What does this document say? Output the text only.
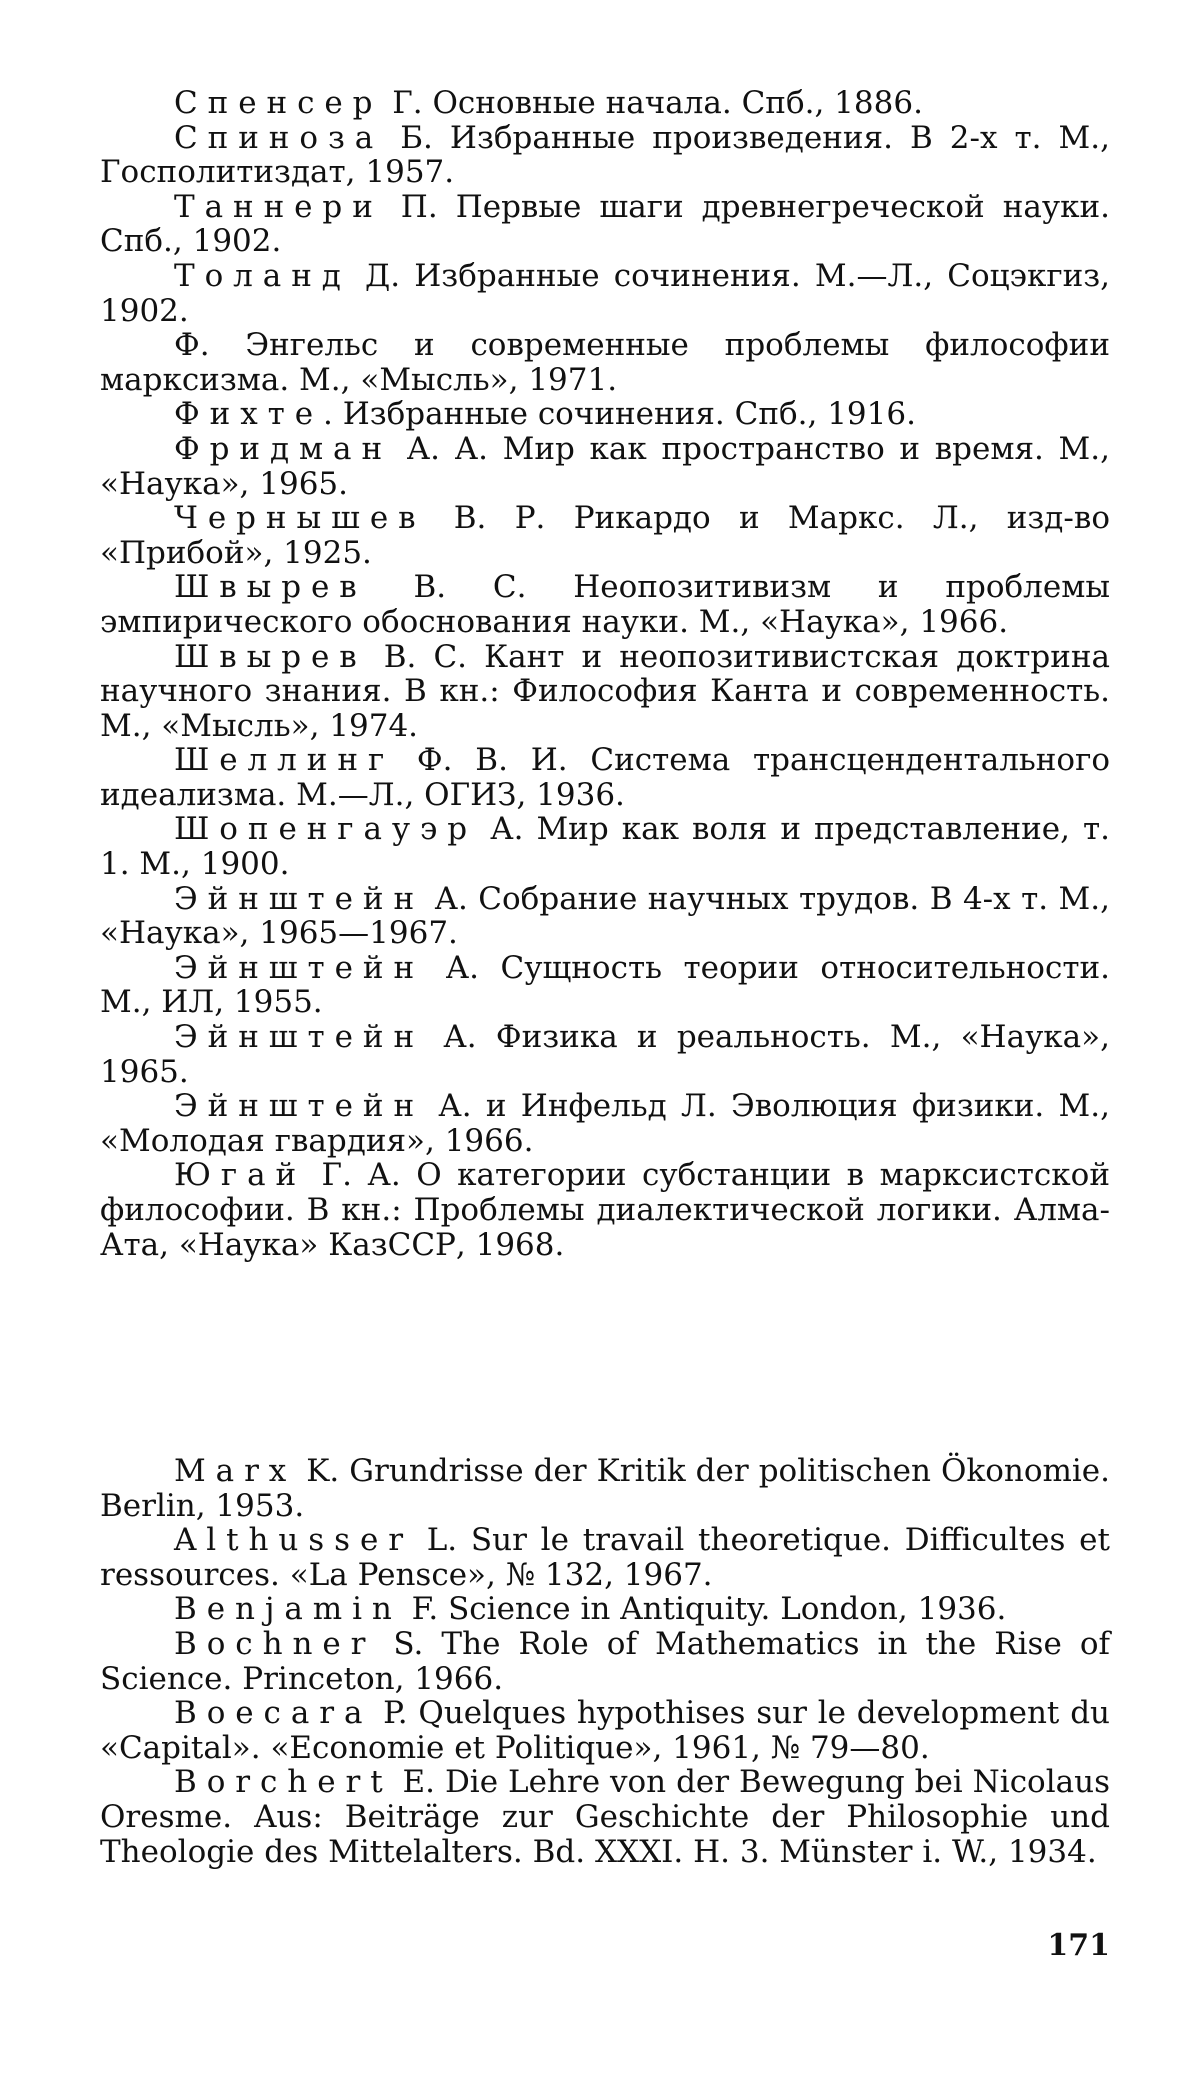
Спенсер Г. Основные начала. Спб., 1886.

Спиноза Б. Избранные произведения. В 2-х т. М., Госполитиздат, 1957.

Таннери П. Первые шаги древнегреческой науки. Спб., 1902.

Толанд Д. Избранные сочинения. М.—Л., Соцэкгиз, 1902.

Ф. Энгельс и современные проблемы философии марксизма. М., «Мысль», 1971.

Фихте. Избранные сочинения. Спб., 1916.

Фридман А. А. Мир как пространство и время. М., «Наука», 1965.

Чернышев В. Р. Рикардо и Маркс. Л., изд-во «Прибой», 1925.

Швырев В. С. Неопозитивизм и проблемы эмпирического обоснования науки. М., «Наука», 1966.

Швырев В. С. Кант и неопозитивистская доктрина научного знания. В кн.: Философия Канта и современность. М., «Мысль», 1974.

Шеллинг Ф. В. И. Система трансцендентального идеализма. М.—Л., ОГИЗ, 1936.

Шопенгауэр А. Мир как воля и представление, т. 1. М., 1900.

Эйнштейн А. Собрание научных трудов. В 4-х т. М., «Наука», 1965—1967.

Эйнштейн А. Сущность теории относительности. М., ИЛ, 1955.

Эйнштейн А. Физика и реальность. М., «Наука», 1965.

Эйнштейн А. и Инфельд Л. Эволюция физики. М., «Молодая гвардия», 1966.

Югай Г. А. О категории субстанции в марксистской философии. В кн.: Проблемы диалектической логики. Алма-Ата, «Наука» КазССР, 1968.

Marx K. Grundrisse der Kritik der politischen Ökonomie. Berlin, 1953.

Althusser L. Sur le travail theoretique. Difficultes et ressources. «La Pensce», № 132, 1967.

Benjamin F. Science in Antiquity. London, 1936.

Bochner S. The Role of Mathematics in the Rise of Science. Princeton, 1966.

Boecara P. Quelques hypothises sur le development du «Capital». «Economie et Politique», 1961, № 79—80.

Borchert E. Die Lehre von der Bewegung bei Nicolaus Oresme. Aus: Beiträge zur Geschichte der Philosophie und Theologie des Mittelalters. Bd. XXXI. H. 3. Münster i. W., 1934.

171
